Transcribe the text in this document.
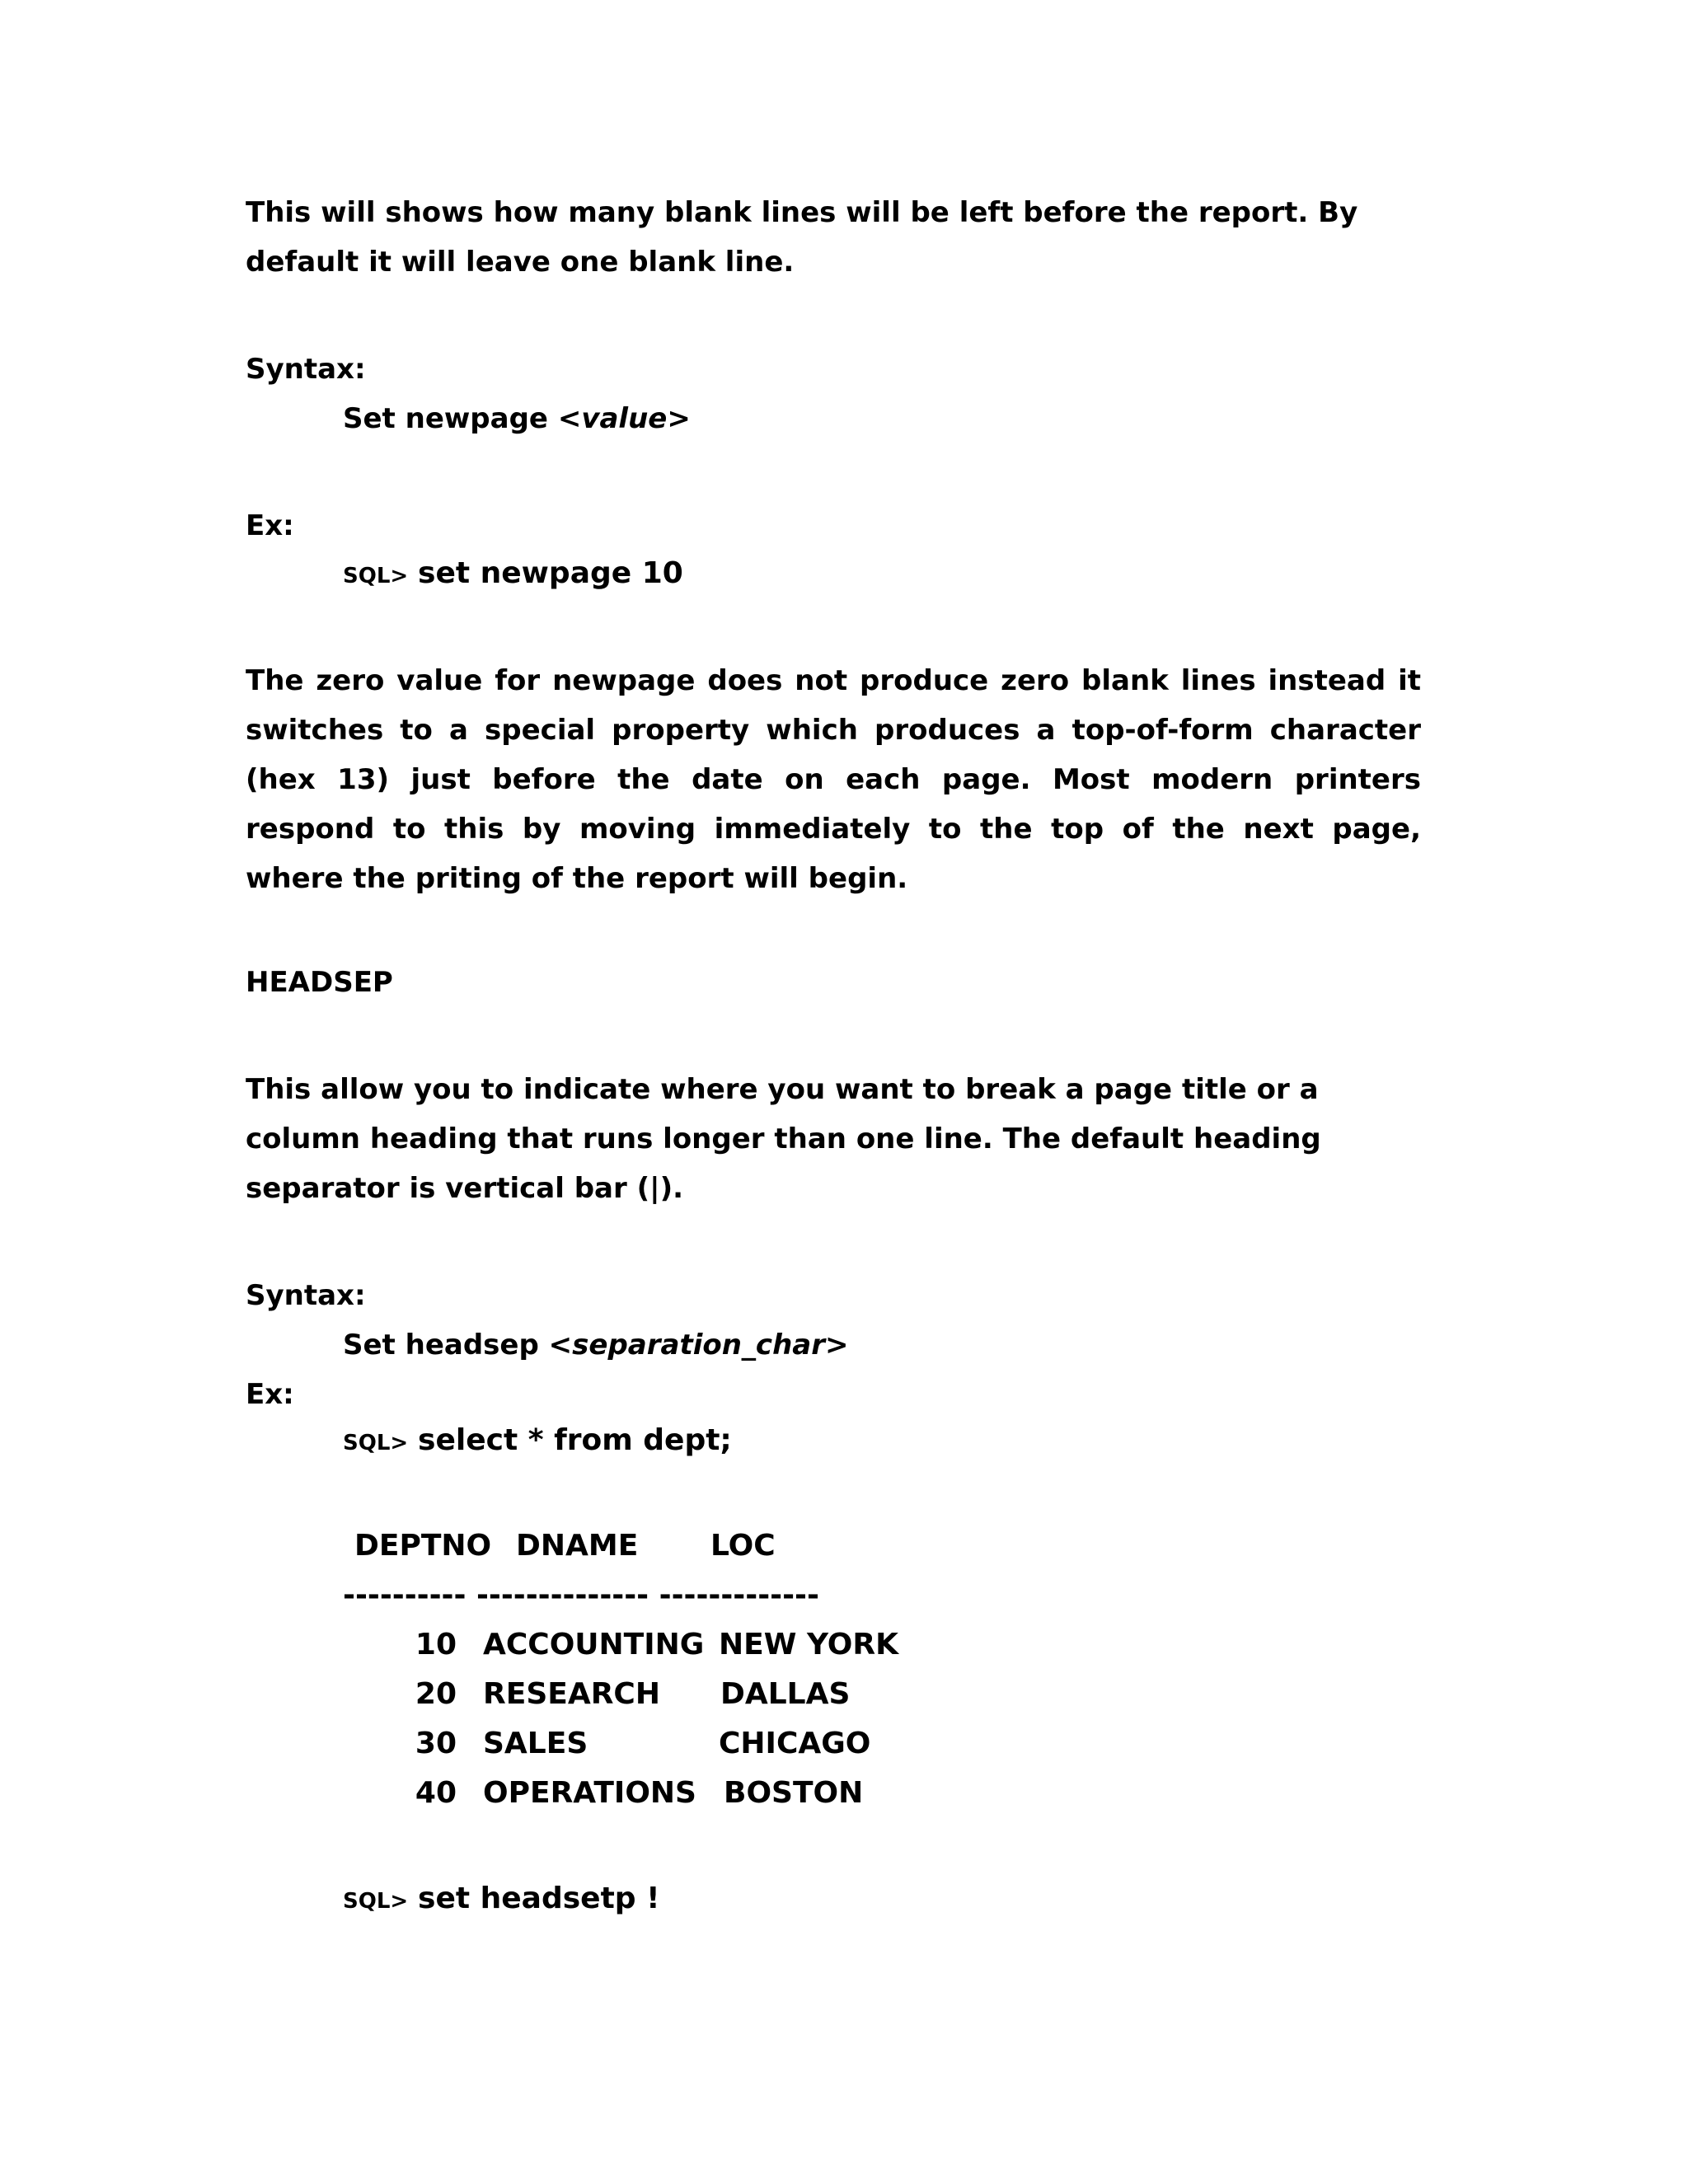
This will shows how many blank lines will be left before the report. By default it will leave one blank line.
Syntax:
Set newpage <value>
Ex:
SQL> set newpage 10
The zero value for newpage does not produce zero blank lines instead it switches to a special property which produces a top-of-form character (hex 13) just before the date on each page. Most modern printers respond to this by moving immediately to the top of the next page, where the priting of the report will begin.
HEADSEP
This allow you to indicate where you want to break a page title or a column heading that runs longer than one line. The default heading separator is vertical bar (|).
Syntax:
Set headsep <separation_char>
Ex:
SQL> select * from dept;
DEPTNO DNAME LOC
---------- -------------- -------------
10 ACCOUNTING NEW YORK
20 RESEARCH DALLAS
30 SALES	CHICAGO
40 OPERATIONS BOSTON
SQL> set headsetp !
